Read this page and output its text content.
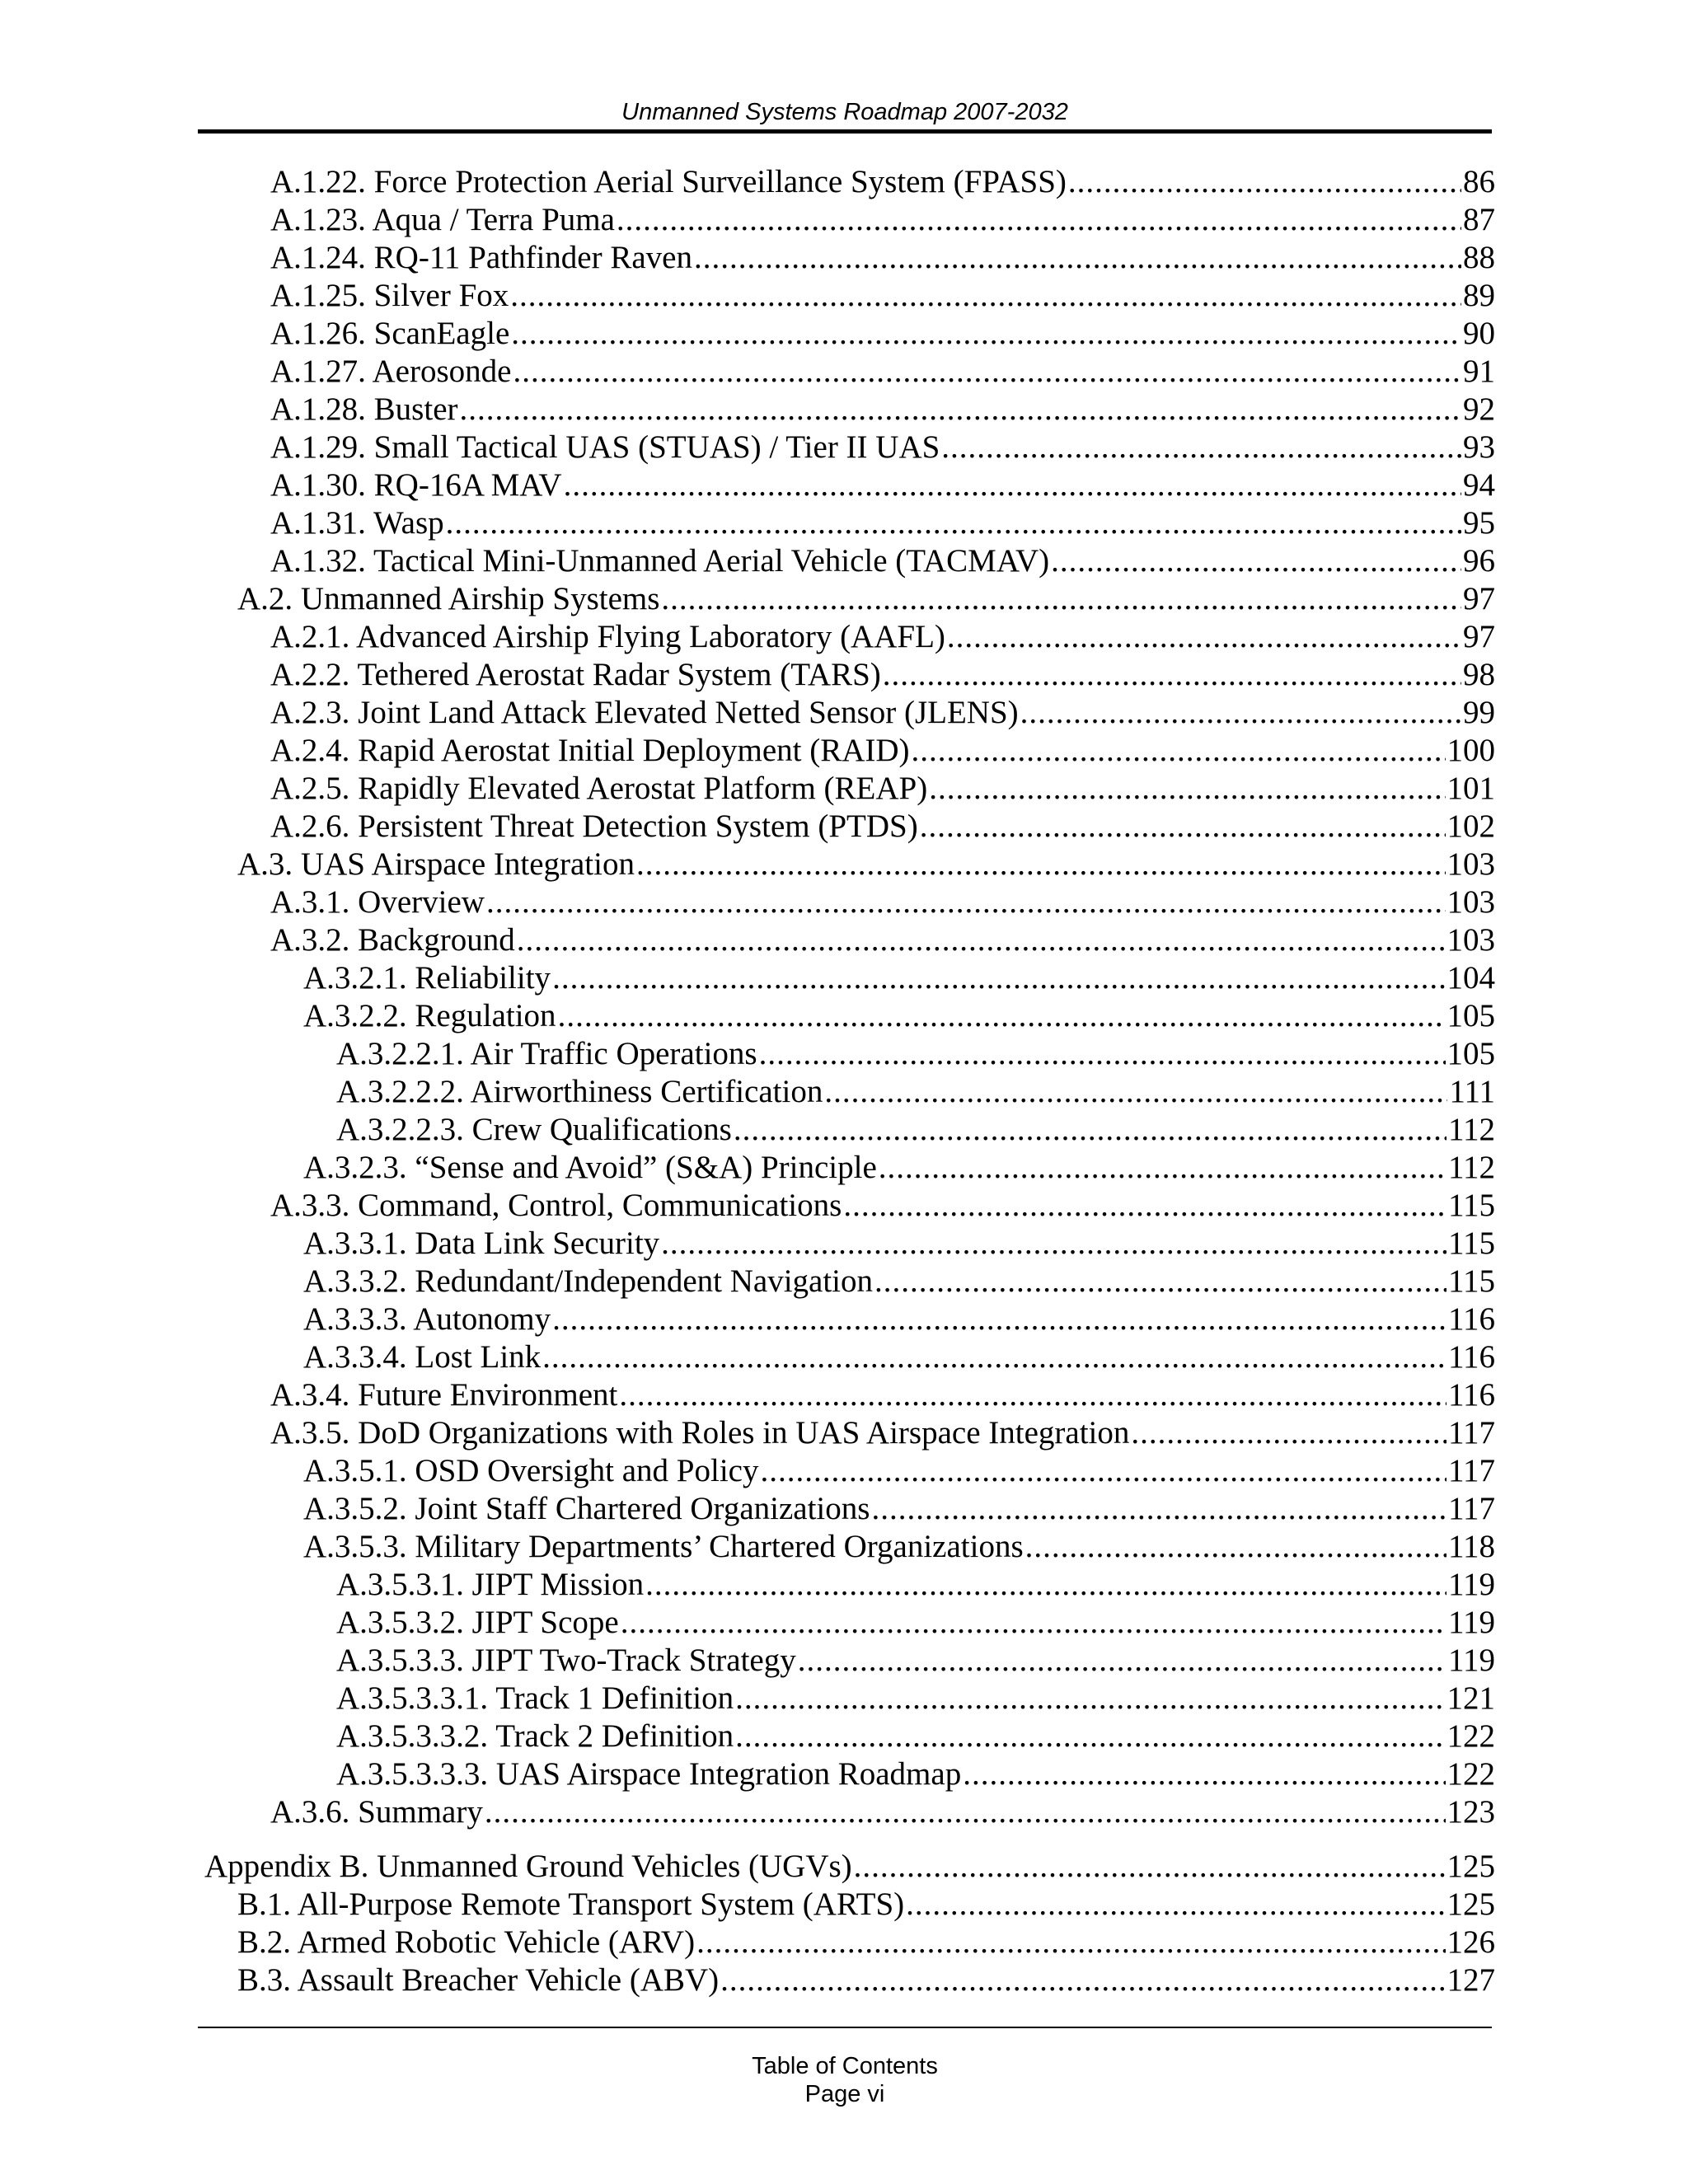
Unmanned Systems Roadmap 2007-2032
A.1.22. Force Protection Aerial Surveillance System (FPASS) .....	86
A.1.23. Aqua / Terra Puma .....	87
A.1.24. RQ-11 Pathfinder Raven .....	88
A.1.25. Silver Fox .....	89
A.1.26. ScanEagle .....	90
A.1.27. Aerosonde .....	91
A.1.28. Buster .....	92
A.1.29. Small Tactical UAS (STUAS) / Tier II UAS .....	93
A.1.30. RQ-16A MAV .....	94
A.1.31. Wasp .....	95
A.1.32. Tactical Mini-Unmanned Aerial Vehicle (TACMAV) .....	96
A.2. Unmanned Airship Systems .....	97
A.2.1. Advanced Airship Flying Laboratory (AAFL) .....	97
A.2.2. Tethered Aerostat Radar System (TARS) .....	98
A.2.3. Joint Land Attack Elevated Netted Sensor (JLENS) .....	99
A.2.4. Rapid Aerostat Initial Deployment (RAID) .....	100
A.2.5. Rapidly Elevated Aerostat Platform (REAP) .....	101
A.2.6. Persistent Threat Detection System (PTDS) .....	102
A.3. UAS Airspace Integration .....	103
A.3.1. Overview .....	103
A.3.2. Background .....	103
A.3.2.1. Reliability .....	104
A.3.2.2. Regulation .....	105
A.3.2.2.1. Air Traffic Operations .....	105
A.3.2.2.2. Airworthiness Certification .....	111
A.3.2.2.3. Crew Qualifications .....	112
A.3.2.3. “Sense and Avoid” (S&A) Principle .....	112
A.3.3. Command, Control, Communications .....	115
A.3.3.1. Data Link Security .....	115
A.3.3.2. Redundant/Independent Navigation .....	115
A.3.3.3. Autonomy .....	116
A.3.3.4. Lost Link .....	116
A.3.4. Future Environment .....	116
A.3.5. DoD Organizations with Roles in UAS Airspace Integration .....	117
A.3.5.1. OSD Oversight and Policy .....	117
A.3.5.2. Joint Staff Chartered Organizations .....	117
A.3.5.3. Military Departments’ Chartered Organizations .....	118
A.3.5.3.1. JIPT Mission .....	119
A.3.5.3.2. JIPT Scope .....	119
A.3.5.3.3. JIPT Two-Track Strategy .....	119
A.3.5.3.3.1. Track 1 Definition .....	121
A.3.5.3.3.2. Track 2 Definition .....	122
A.3.5.3.3.3. UAS Airspace Integration Roadmap .....	122
A.3.6. Summary .....	123
Appendix B. Unmanned Ground Vehicles (UGVs) .....	125
B.1. All-Purpose Remote Transport System (ARTS) .....	125
B.2. Armed Robotic Vehicle (ARV) .....	126
B.3. Assault Breacher Vehicle (ABV) .....	127
Table of Contents
Page vi
